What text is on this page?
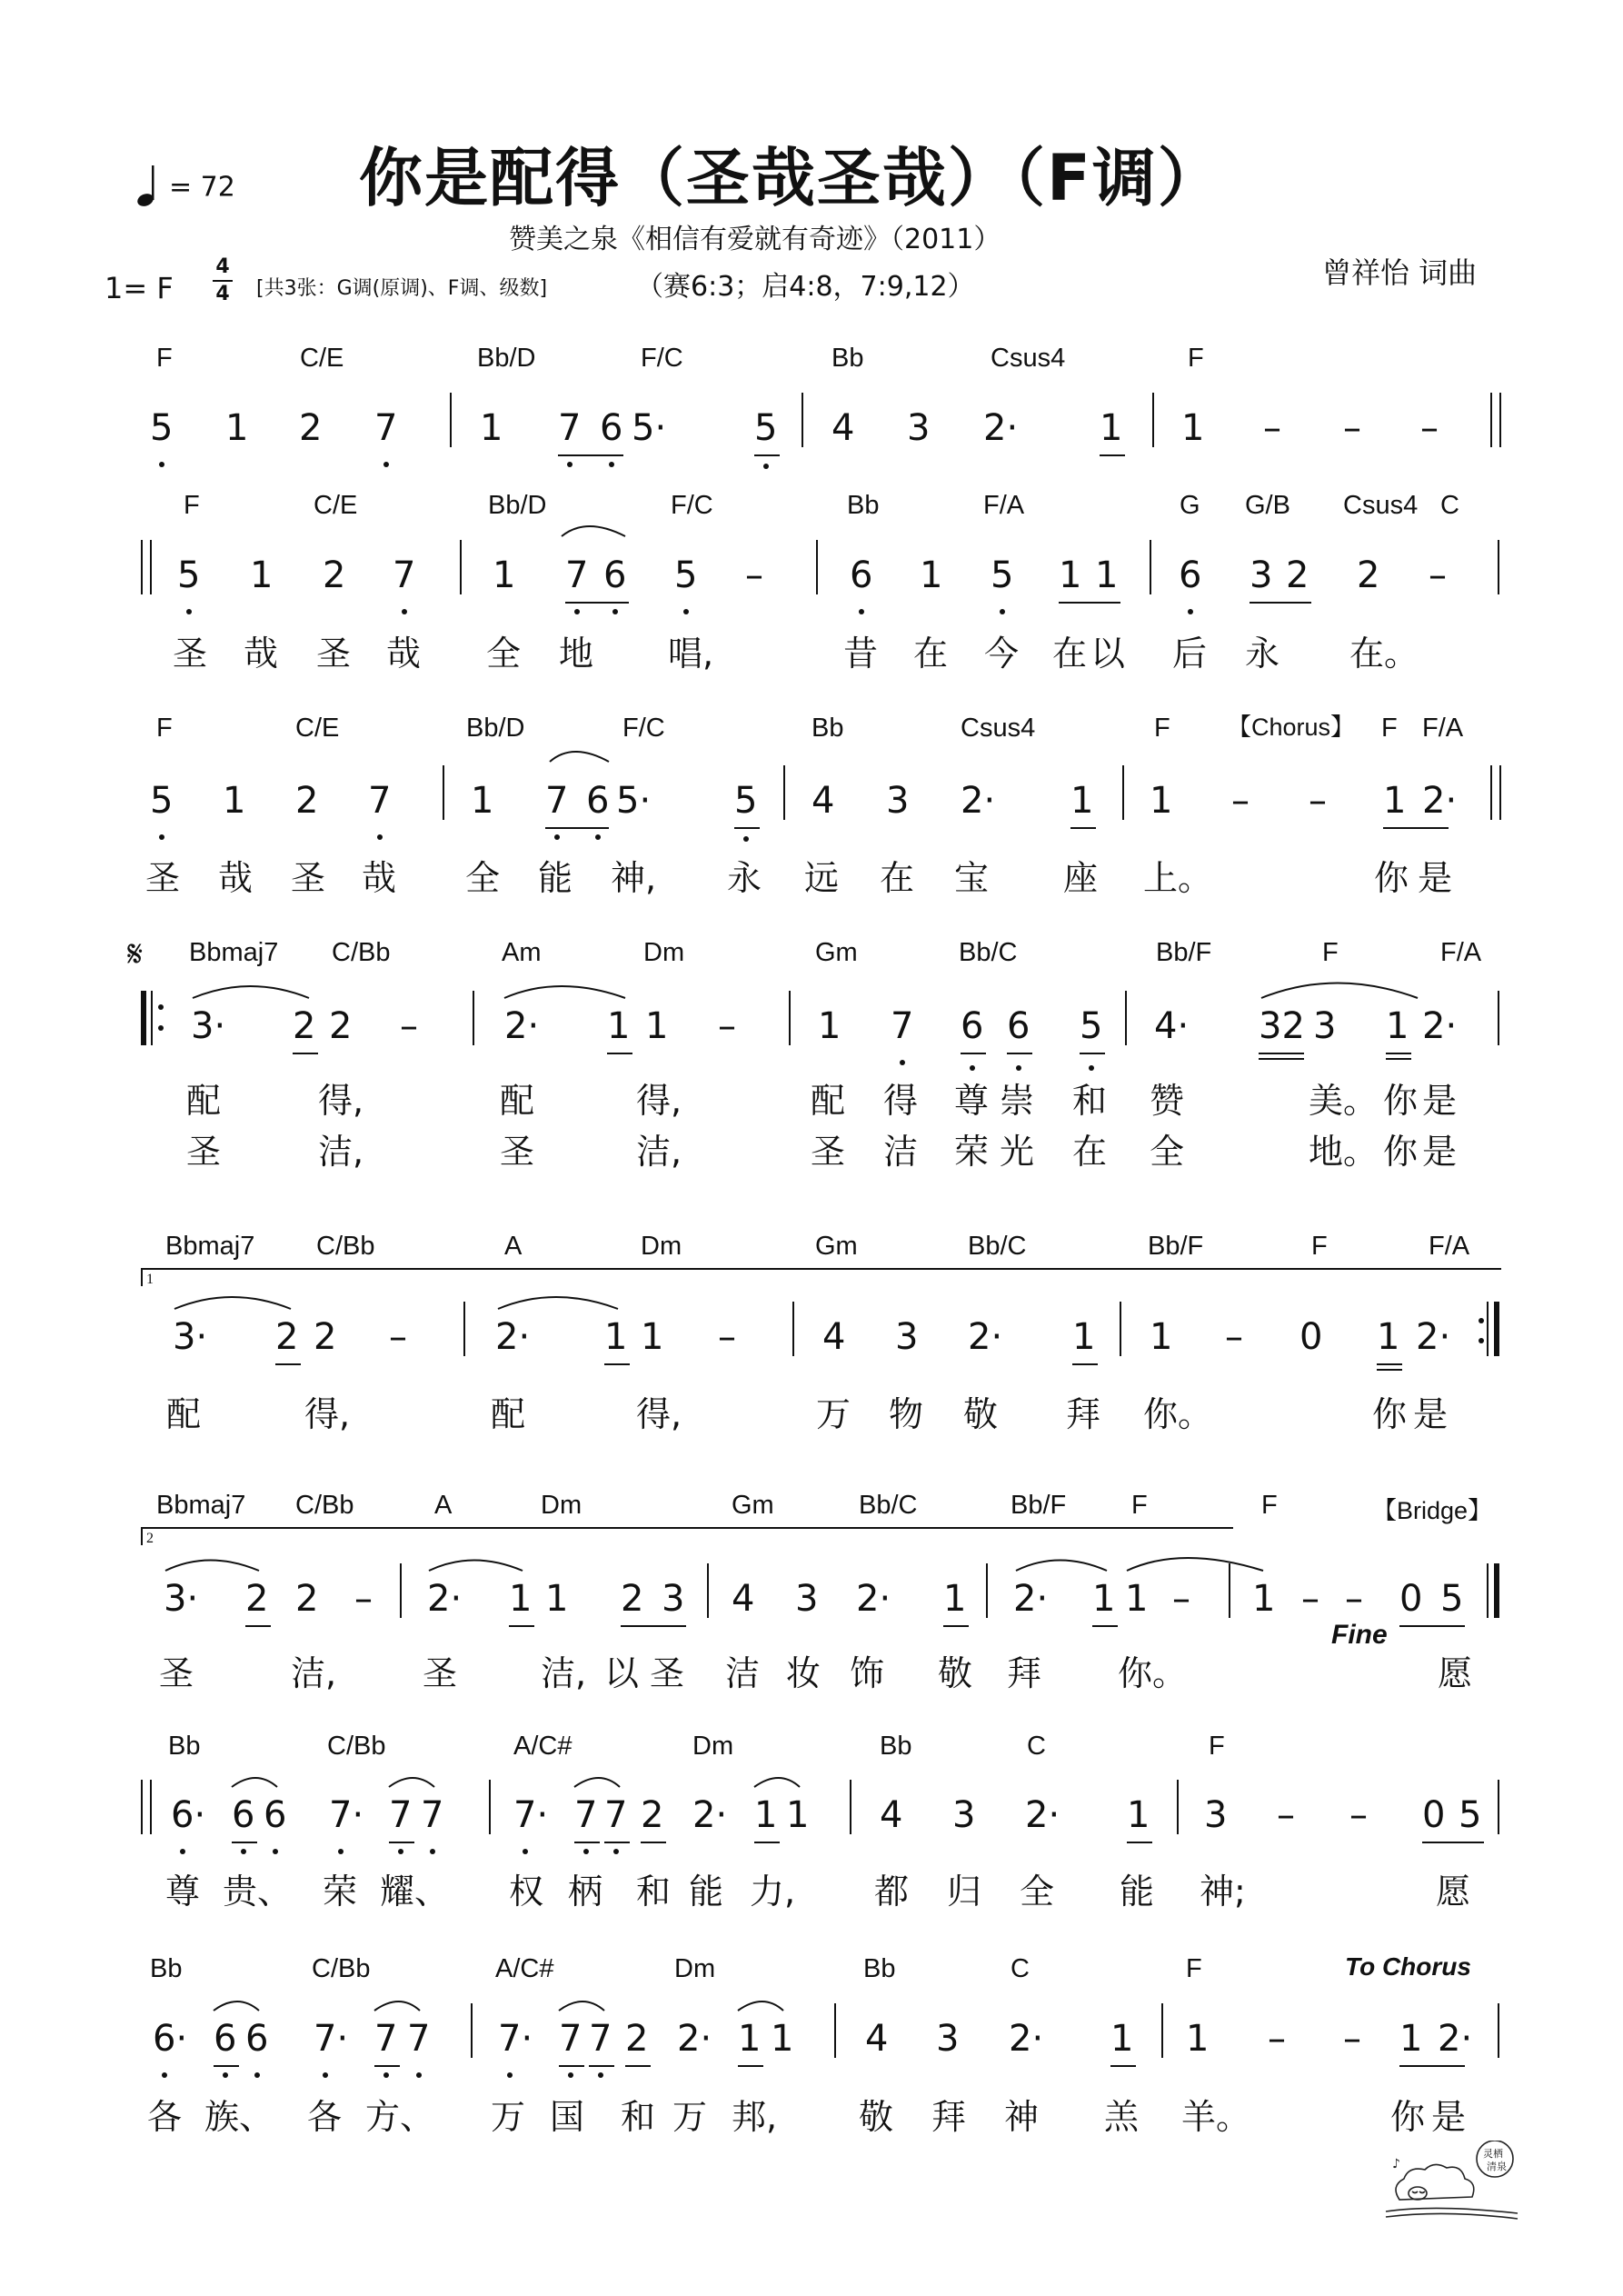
= 72 你是配得（圣哉圣哉）（F调）
赞美之泉《相信有爱就有奇迹》（2011）
1= F
4
4 [共3张：G调(原调)、F调、级数]	（赛6:3；启4:8，7:9,12）	曾祥怡 词曲
F	C/E	Bb/D	F/C	Bb	Csus4	F
5 1 2 7 1 7 6 5· 5 4 3 2· 1 1 – – –
F	C/E	Bb/D	F/C	Bb	F/A	G G/B Csus4 C
5 1 2 7 1 7 6 5 – 6 1 5 1 1 6 3 2 2 –
圣 哉 圣 哉 全 地 唱,	昔 在 今 在 以 后 永 在。
F	C/E	Bb/D	F/C	Bb	Csus4	F 【Chorus】 F F/A
5 1 2 7 1 7 6 5· 5 4 3 2· 1 1 – – 1 2·
圣 哉 圣 哉 全 能 神, 永 远 在 宝 座 上。	你 是
𝄋 Bbmaj7 C/Bb	Am	Dm	Gm	Bb/C	Bb/F	F	F/A
3· 2 2 – 2· 1 1 – 1 7 6 6 5 4· 32 3 1 2·
配	得,	配	得,	配 得 尊 崇 和 赞	美。 你 是
圣	洁,	圣	洁,	圣 洁 荣 光 在 全	地。 你 是
Bbmaj7 C/Bb	A	Dm	Gm	Bb/C	Bb/F	F	F/A
1
3· 2 2 – 2· 1 1 – 4 3 2· 1 1 – 0 1 2·
配	得,	配	得,	万 物 敬 拜 你。	你 是
Bbmaj7 C/Bb	A	Dm	Gm	Bb/C	Bb/F F	F	【Bridge】
2
3· 2 2 – 2· 1 1 2 3 4 3 2· 1 2· 1 1 – 1 – – 0 5
Fine
圣	洁, 圣 洁, 以 圣 洁 妆 饰 敬 拜 你。	愿
Bb	C/Bb	A/C#	Dm	Bb	C	F
6· 6 6 7· 7 7 7· 7 7 2 2· 1 1 4 3 2· 1 3 – – 0 5
尊 贵、 荣 耀、 权 柄 和 能 力, 都 归 全 能 神;	愿
Bb	C/Bb	A/C#	Dm	Bb	C	F	To Chorus
6· 6 6 7· 7 7 7· 7 7 2 2· 1 1 4 3 2· 1 1 – – 1 2·
各 族、 各 方、 万 国 和 万 邦, 敬 拜 神 羔 羊。	你 是
灵栖
清泉
♪
